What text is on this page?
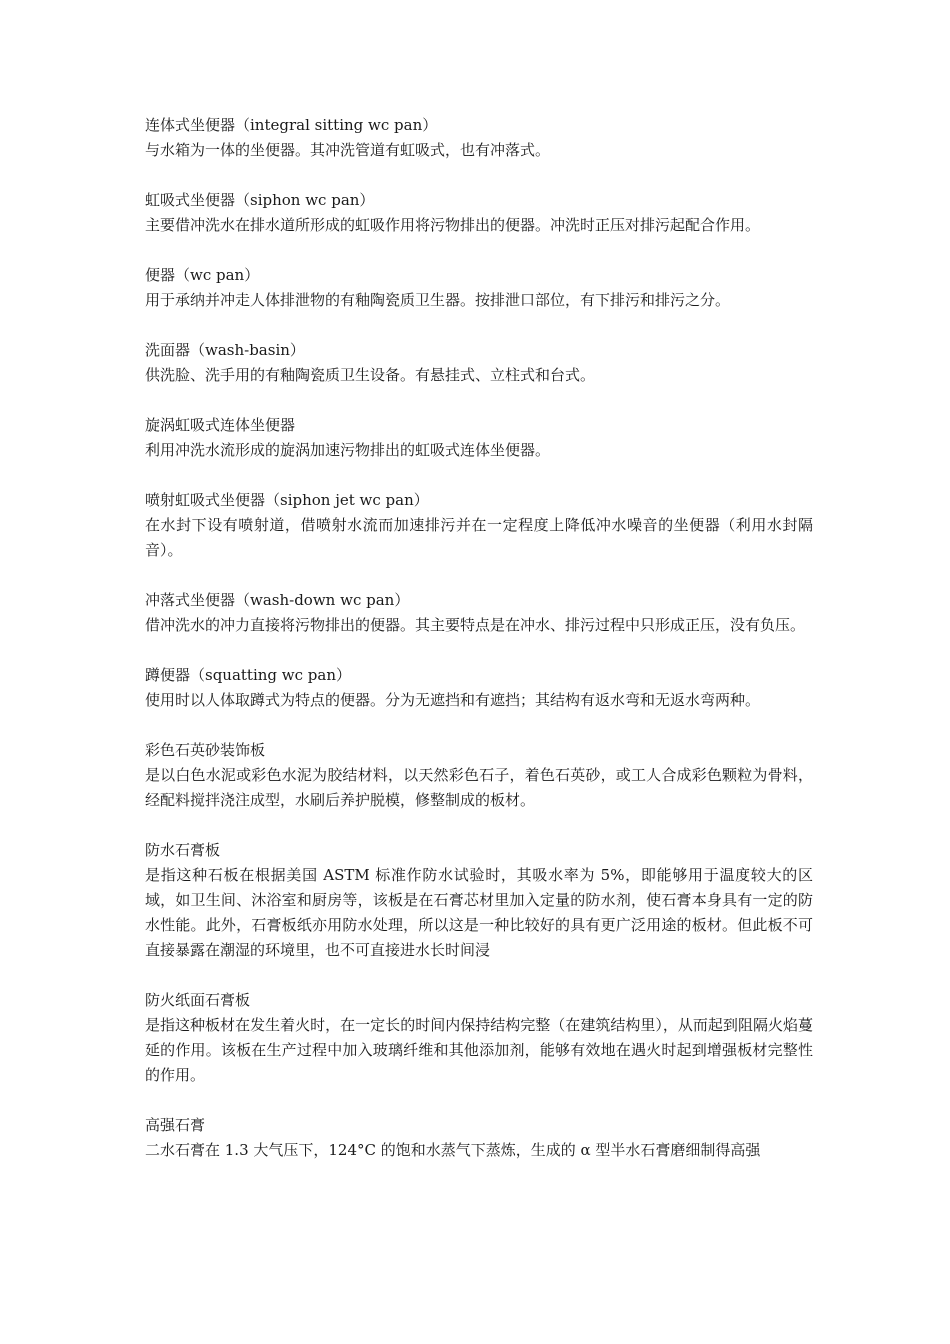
连体式坐便器（integral sitting wc pan）
与水箱为一体的坐便器。其冲洗管道有虹吸式，也有冲落式。
虹吸式坐便器（siphon wc pan）
主要借冲洗水在排水道所形成的虹吸作用将污物排出的便器。冲洗时正压对排污起配合作用。
便器（wc pan）
用于承纳并冲走人体排泄物的有釉陶瓷质卫生器。按排泄口部位，有下排污和排污之分。
洗面器（wash-basin）
供洗脸、洗手用的有釉陶瓷质卫生设备。有悬挂式、立柱式和台式。
旋涡虹吸式连体坐便器
利用冲洗水流形成的旋涡加速污物排出的虹吸式连体坐便器。
喷射虹吸式坐便器（siphon jet wc pan）
在水封下设有喷射道，借喷射水流而加速排污并在一定程度上降低冲水噪音的坐便器（利用水封隔音）。
冲落式坐便器（wash-down wc pan）
借冲洗水的冲力直接将污物排出的便器。其主要特点是在冲水、排污过程中只形成正压，没有负压。
蹲便器（squatting wc pan）
使用时以人体取蹲式为特点的便器。分为无遮挡和有遮挡；其结构有返水弯和无返水弯两种。
彩色石英砂装饰板
是以白色水泥或彩色水泥为胶结材料，以天然彩色石子，着色石英砂，或工人合成彩色颗粒为骨料，经配料搅拌浇注成型，水刷后养护脱模，修整制成的板材。
防水石膏板
是指这种石板在根据美国 ASTM 标准作防水试验时，其吸水率为 5%，即能够用于温度较大的区域，如卫生间、沐浴室和厨房等，该板是在石膏芯材里加入定量的防水剂，使石膏本身具有一定的防水性能。此外，石膏板纸亦用防水处理，所以这是一种比较好的具有更广泛用途的板材。但此板不可直接暴露在潮湿的环境里，也不可直接进水长时间浸
防火纸面石膏板
是指这种板材在发生着火时，在一定长的时间内保持结构完整（在建筑结构里），从而起到阻隔火焰蔓延的作用。该板在生产过程中加入玻璃纤维和其他添加剂，能够有效地在遇火时起到增强板材完整性的作用。
高强石膏
二水石膏在 1.3 大气压下，124°C 的饱和水蒸气下蒸炼，生成的 α 型半水石膏磨细制得高强
